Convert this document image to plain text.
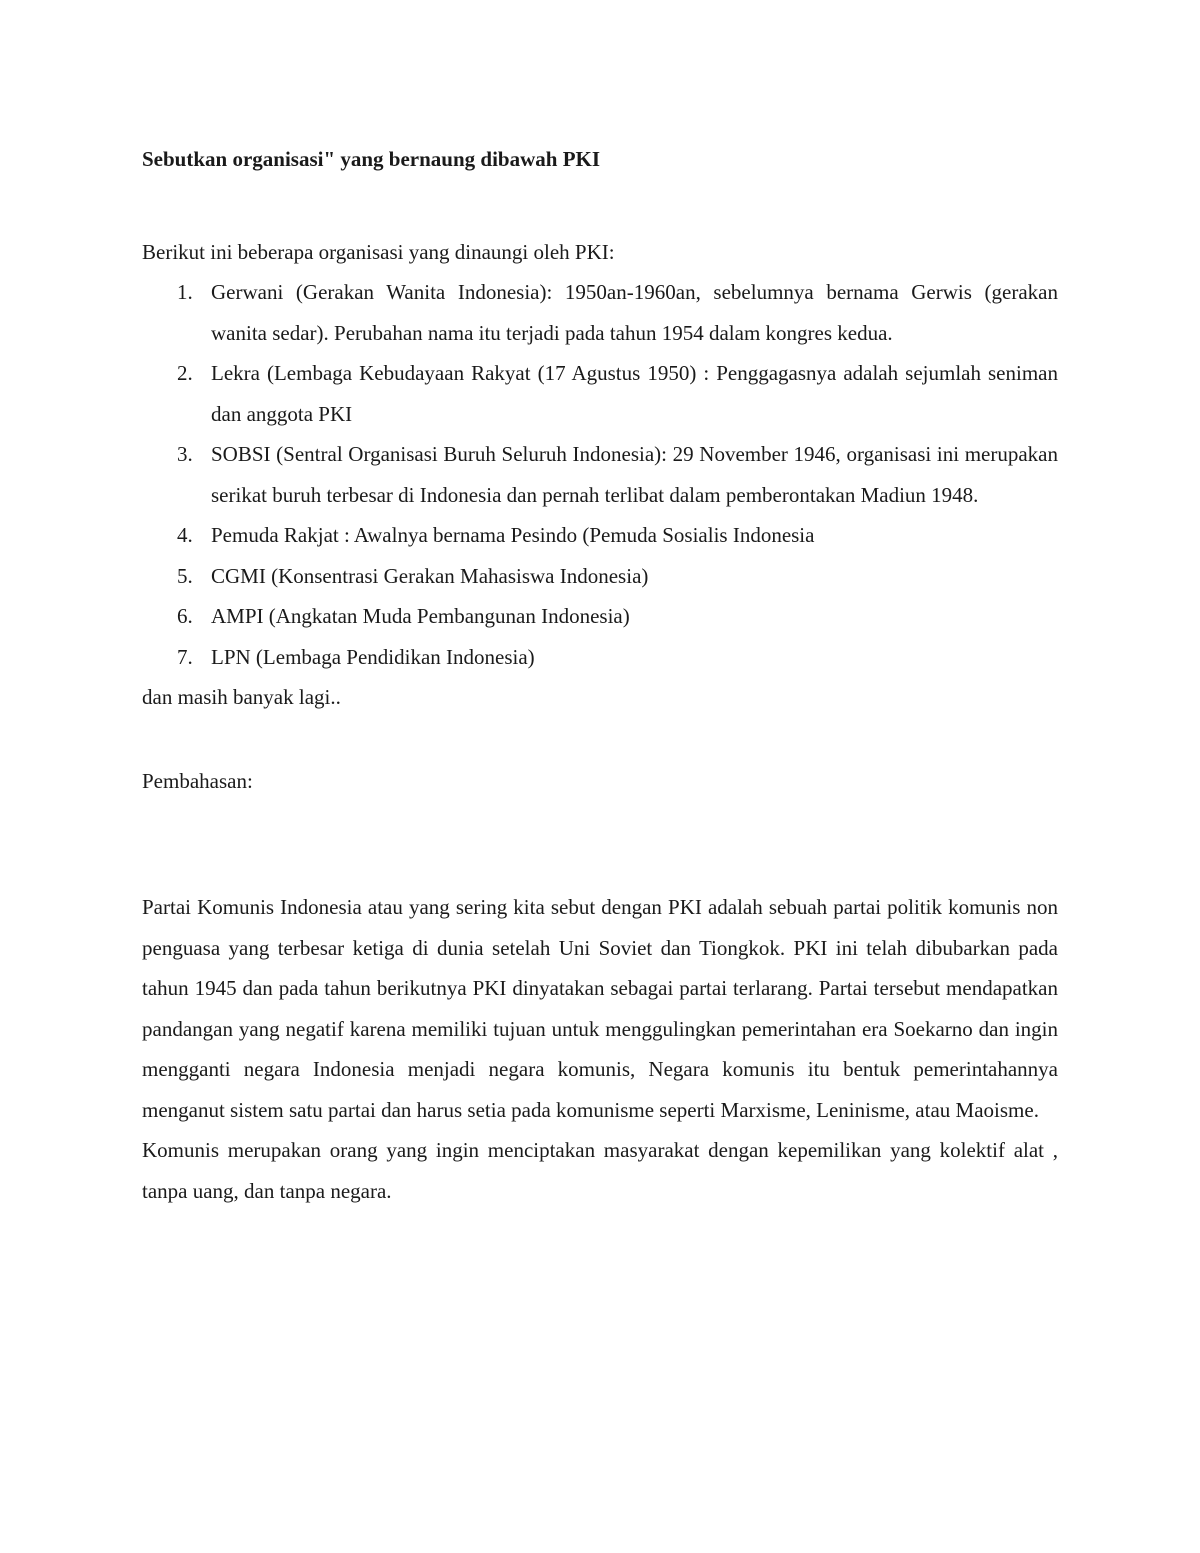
Sebutkan organisasi" yang bernaung dibawah PKI

Berikut ini beberapa organisasi yang dinaungi oleh PKI:

Gerwani (Gerakan Wanita Indonesia): 1950an-1960an, sebelumnya bernama Gerwis (gerakan wanita sedar). Perubahan nama itu terjadi pada tahun 1954 dalam kongres kedua.
Lekra (Lembaga Kebudayaan Rakyat (17 Agustus 1950) : Penggagasnya adalah sejumlah seniman dan anggota PKI
SOBSI (Sentral Organisasi Buruh Seluruh Indonesia): 29 November 1946, organisasi ini merupakan serikat buruh terbesar di Indonesia dan pernah terlibat dalam pemberontakan Madiun 1948.
Pemuda Rakjat : Awalnya bernama Pesindo (Pemuda Sosialis Indonesia
CGMI (Konsentrasi Gerakan Mahasiswa Indonesia)
AMPI (Angkatan Muda Pembangunan Indonesia)
LPN (Lembaga Pendidikan Indonesia)

dan masih banyak lagi..

Pembahasan:

Partai Komunis Indonesia atau yang sering kita sebut dengan PKI adalah sebuah partai politik komunis non penguasa yang terbesar ketiga di dunia setelah Uni Soviet dan Tiongkok. PKI ini telah dibubarkan pada tahun 1945 dan pada tahun berikutnya PKI dinyatakan sebagai partai terlarang. Partai tersebut mendapatkan pandangan yang negatif karena memiliki tujuan untuk menggulingkan pemerintahan era Soekarno dan ingin mengganti negara Indonesia menjadi negara komunis, Negara komunis itu bentuk pemerintahannya menganut sistem satu partai dan harus setia pada komunisme seperti Marxisme, Leninisme, atau Maoisme.

Komunis merupakan orang yang ingin menciptakan masyarakat dengan kepemilikan yang kolektif alat , tanpa uang, dan tanpa negara.
